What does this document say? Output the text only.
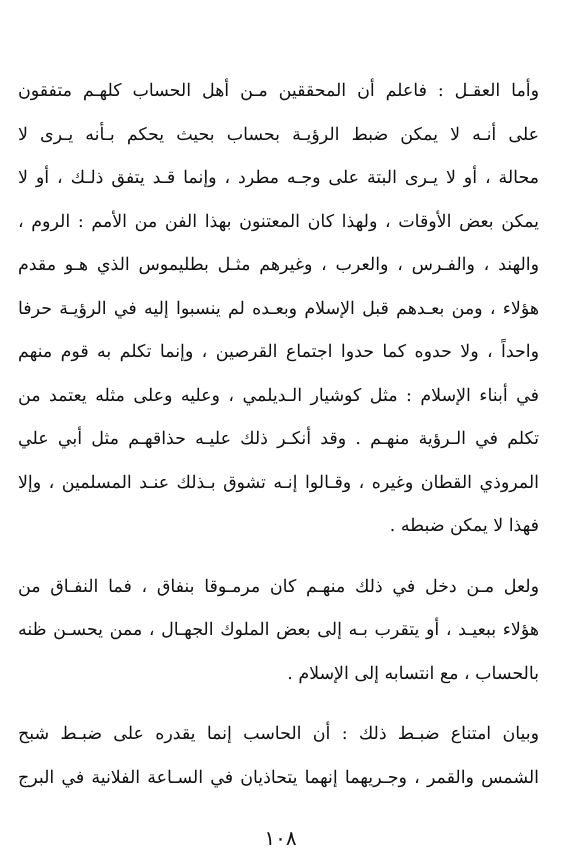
وأما العقـل : فاعلم أن المحققين مـن أهل الحساب كلهـم متفقون
على أنـه لا يمكن ضبط الرؤيـة بحساب بحيث يحكم بـأنه يـرى لا
محالة ، أو لا يـرى البتة على وجـه مطرد ، وإنما قـد يتفق ذلـك ، أو لا
يمكن بعض الأوقات ، ولهذا كان المعتنون بهذا الفن من الأمم : الروم ،
والهند ، والفـرس ، والعرب ، وغيرهم مثـل بطليموس الذي هـو مقدم
هؤلاء ، ومن بعـدهم قبل الإسلام وبعـده لم ينسبوا إليه في الرؤيـة حرفا
واحداً ، ولا حدوه كما حدوا اجتماع القرصين ، وإنما تكلم به قوم منهم
في أبناء الإسلام : مثل كوشيار الـديلمي ، وعليه وعلى مثله يعتمد من
تكلم في الـرؤية منهـم . وقد أنكـر ذلك عليـه حذاقهـم مثل أبي علي
المروذي القطان وغيره ، وقـالوا إنـه تشوق بـذلك عنـد المسلمين ، وإلا
فهذا لا يمكن ضبطه .

ولعل مـن دخل في ذلك منهـم كان مرمـوقا بنفاق ، فما النفـاق من
هؤلاء ببعيـد ، أو يتقرب بـه إلى بعض الملوك الجهـال ، ممن يحسـن ظنه
بالحساب ، مع انتسابه إلى الإسلام .

وبيان امتناع ضبـط ذلك : أن الحاسب إنما يقدره على ضبـط شبح
الشمس والقمر ، وجـريهما إنهما يتحاذيان في السـاعة الفلانية في البرج

١٠٨
